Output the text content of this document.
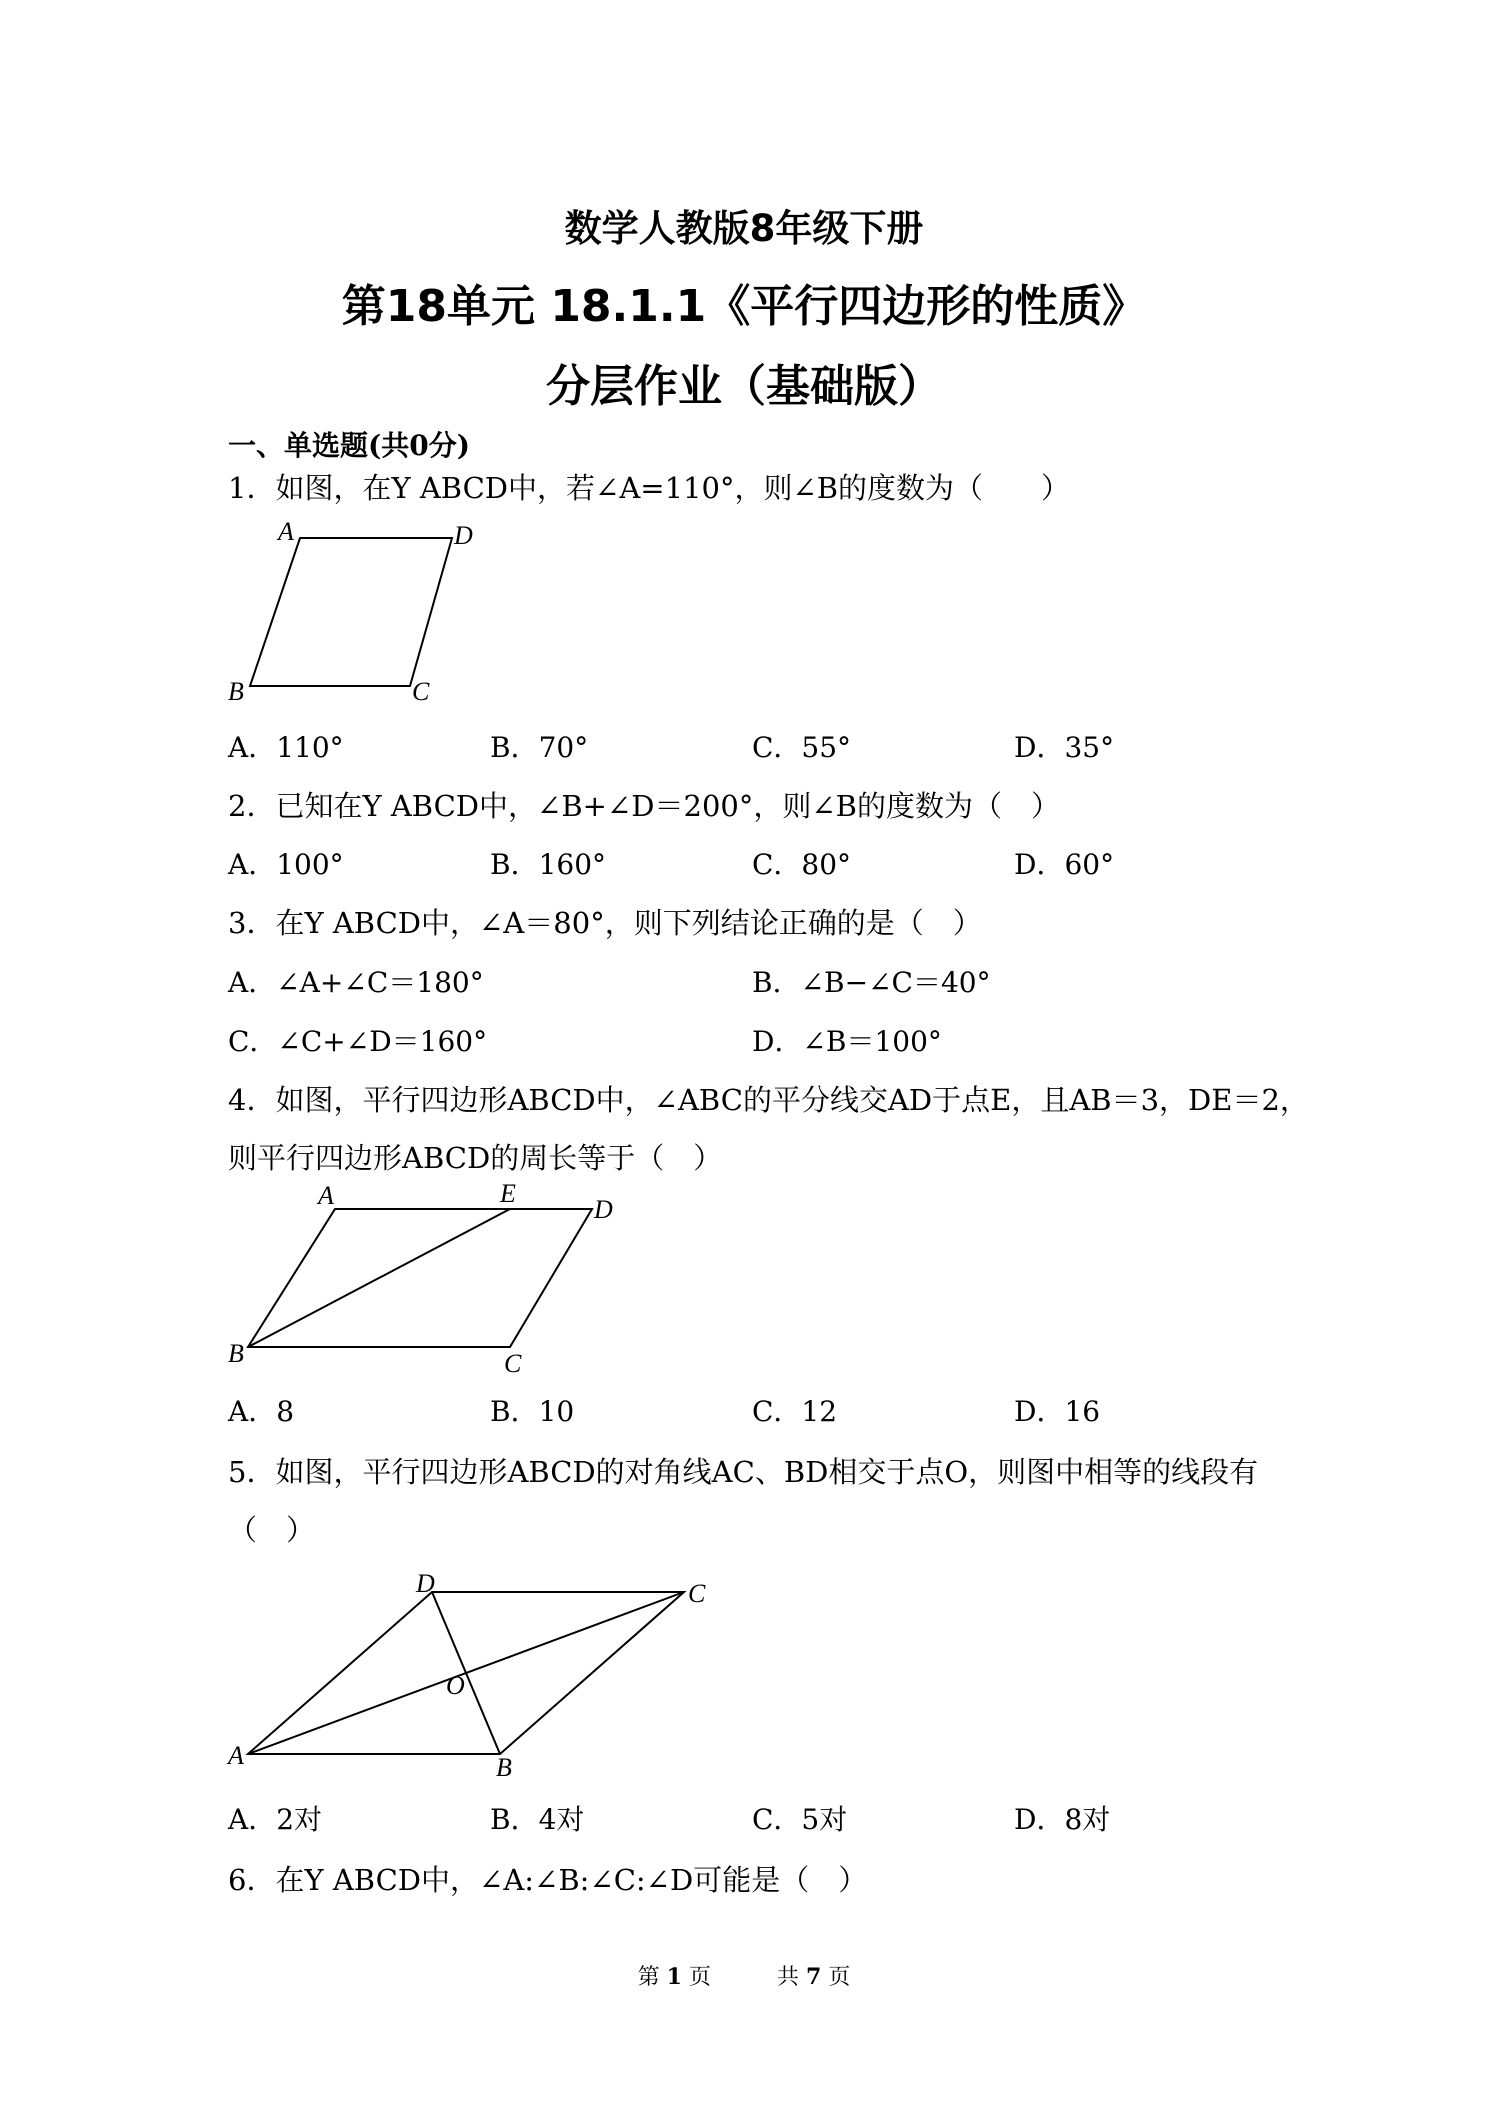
数学人教版8年级下册
第18单元 18.1.1《平行四边形的性质》
分层作业（基础版）
一、单选题(共0分)
1．如图，在Y ABCD中，若∠A=110°，则∠B的度数为（　　）
A	D
B	C
A．110°	B．70°	C．55°	D．35°
2．已知在Y ABCD中，∠B+∠D＝200°，则∠B的度数为（　）
A．100°	B．160°	C．80°	D．60°
3．在Y ABCD中，∠A＝80°，则下列结论正确的是（　）
A．∠A+∠C＝180°	B．∠B−∠C＝40°
C．∠C+∠D＝160°	D．∠B＝100°
4．如图，平行四边形ABCD中，∠ABC的平分线交AD于点E，且AB＝3，DE＝2，
则平行四边形ABCD的周长等于（　）
A	E
D
B	C
A．8	B．10	C．12	D．16
5．如图，平行四边形ABCD的对角线AC、BD相交于点O，则图中相等的线段有
（　）
D	C
O
A	B
A．2对	B．4对	C．5对	D．8对
6．在Y ABCD中，∠A:∠B:∠C:∠D可能是（　）
第 1 页　　　共 7 页
